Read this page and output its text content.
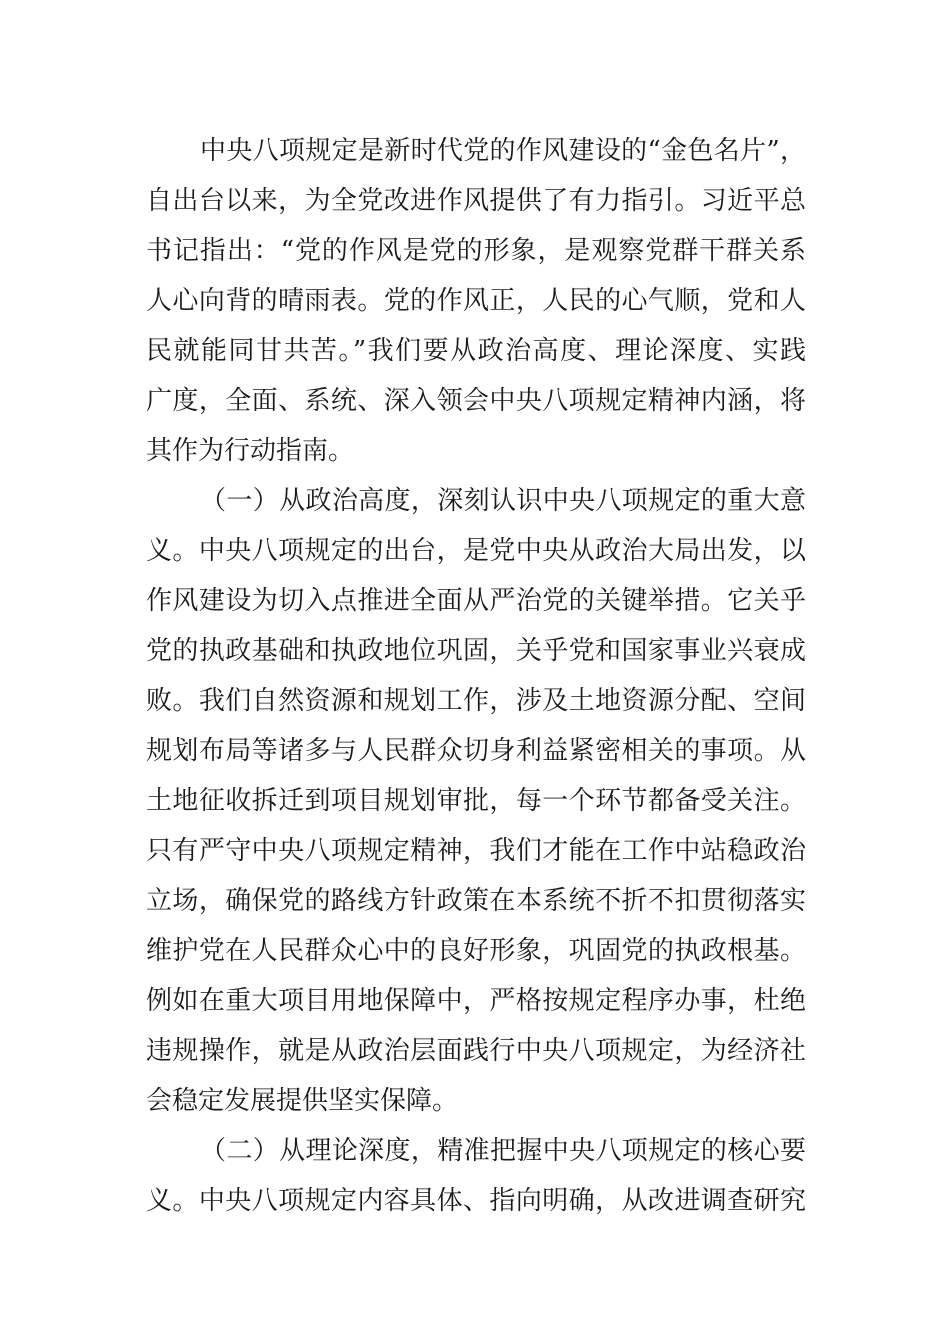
中央八项规定是新时代党的作风建设的“金色名片”，
自出台以来，为全党改进作风提供了有力指引。习近平总
书记指出：“党的作风是党的形象，是观察党群干群关系
人心向背的晴雨表。党的作风正，人民的心气顺，党和人
民就能同甘共苦。”我们要从政治高度、理论深度、实践
广度，全面、系统、深入领会中央八项规定精神内涵，将
其作为行动指南。
（一）从政治高度，深刻认识中央八项规定的重大意
义。中央八项规定的出台，是党中央从政治大局出发，以
作风建设为切入点推进全面从严治党的关键举措。它关乎
党的执政基础和执政地位巩固，关乎党和国家事业兴衰成
败。我们自然资源和规划工作，涉及土地资源分配、空间
规划布局等诸多与人民群众切身利益紧密相关的事项。从
土地征收拆迁到项目规划审批，每一个环节都备受关注。
只有严守中央八项规定精神，我们才能在工作中站稳政治
立场，确保党的路线方针政策在本系统不折不扣贯彻落实
维护党在人民群众心中的良好形象，巩固党的执政根基。
例如在重大项目用地保障中，严格按规定程序办事，杜绝
违规操作，就是从政治层面践行中央八项规定，为经济社
会稳定发展提供坚实保障。
（二）从理论深度，精准把握中央八项规定的核心要
义。中央八项规定内容具体、指向明确，从改进调查研究
